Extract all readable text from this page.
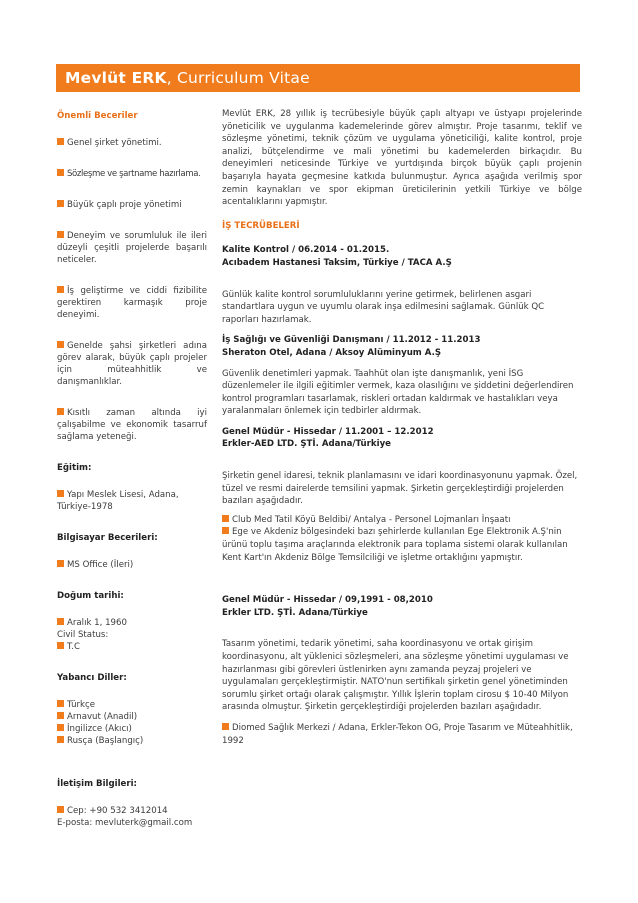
Mevlüt ERK, Curriculum Vitae

Önemli Beceriler

Genel şirket yönetimi.

Sözleşme ve şartname hazırlama.

Büyük çaplı proje yönetimi

Deneyim ve sorumluluk ile ileri düzeyli çeşitli projelerde başarılı neticeler.

İş geliştirme ve ciddi fizibilite gerektiren karmaşık proje deneyimi.

Genelde şahsi şirketleri adına görev alarak, büyük çaplı projeler için müteahhitlik ve danışmanlıklar.

Kısıtlı zaman altında iyi çalışabilme ve ekonomik tasarruf sağlama yeteneği.

Eğitim:

Yapı Meslek Lisesi, Adana, Türkiye-1978

Bilgisayar Becerileri:

MS Office (İleri)

Doğum tarihi:

Aralık 1, 1960

Civil Status:

T.C

Yabancı Diller:

Türkçe

Arnavut (Anadil)

İngilizce (Akıcı)

Rusça (Başlangıç)

İletişim Bilgileri:

Cep: +90 532 3412014

E-posta: mevluterk@gmail.com

Mevlüt ERK, 28 yıllık iş tecrübesiyle büyük çaplı altyapı ve üstyapı projelerinde yöneticilik ve uygulanma kademelerinde görev almıştır. Proje tasarımı, teklif ve sözleşme yönetimi, teknik çözüm ve uygulama yöneticiliği, kalite kontrol, proje analizi, bütçelendirme ve mali yönetimi bu kademelerden birkaçıdır. Bu deneyimleri neticesinde Türkiye ve yurtdışında birçok büyük çaplı projenin başarıyla hayata geçmesine katkıda bulunmuştur. Ayrıca aşağıda verilmiş spor zemin kaynakları ve spor ekipman üreticilerinin yetkili Türkiye ve bölge acentalıklarını yapmıştır.

İŞ TECRÜBELERİ

Kalite Kontrol / 06.2014 - 01.2015.

Acıbadem Hastanesi Taksim, Türkiye / TACA A.Ş

Günlük kalite kontrol sorumluluklarını yerine getirmek, belirlenen asgari standartlara uygun ve uyumlu olarak inşa edilmesini sağlamak. Günlük QC raporları hazırlamak.

İş Sağlığı ve Güvenliği Danışmanı / 11.2012 - 11.2013

Sheraton Otel, Adana / Aksoy Alüminyum A.Ş

Güvenlik denetimleri yapmak. Taahhüt olan işte danışmanlık, yeni İSG düzenlemeler ile ilgili eğitimler vermek, kaza olasılığını ve şiddetini değerlendiren kontrol programları tasarlamak, riskleri ortadan kaldırmak ve hastalıkları veya yaralanmaları önlemek için tedbirler aldırmak.

Genel Müdür - Hissedar / 11.2001 – 12.2012

Erkler-AED LTD. ŞTİ. Adana/Türkiye

Şirketin genel idaresi, teknik planlamasını ve idari koordinasyonunu yapmak. Özel, tüzel ve resmi dairelerde temsilini yapmak. Şirketin gerçekleştirdiği projelerden bazıları aşağıdadır.

Club Med Tatil Köyü Beldibi/ Antalya - Personel Lojmanları İnşaatı

Ege ve Akdeniz bölgesindeki bazı şehirlerde kullanılan Ege Elektronik A.Ş'nin ürünü toplu taşıma araçlarında elektronik para toplama sistemi olarak kullanılan Kent Kart'ın Akdeniz Bölge Temsilciliği ve işletme ortaklığını yapmıştır.

Genel Müdür - Hissedar / 09,1991 - 08,2010

Erkler LTD. ŞTİ. Adana/Türkiye

Tasarım yönetimi, tedarik yönetimi, saha koordinasyonu ve ortak girişim koordinasyonu, alt yüklenici sözleşmeleri, ana sözleşme yönetimi uygulaması ve hazırlanması gibi görevleri üstlenirken aynı zamanda peyzaj projeleri ve uygulamaları gerçekleştirmiştir. NATO'nun sertifikalı şirketin genel yönetiminden sorumlu şirket ortağı olarak çalışmıştır. Yıllık İşlerin toplam cirosu $ 10-40 Milyon arasında olmuştur. Şirketin gerçekleştirdiği projelerden bazıları aşağıdadır.

Diomed Sağlık Merkezi / Adana, Erkler-Tekon OG, Proje Tasarım ve Müteahhitlik, 1992
